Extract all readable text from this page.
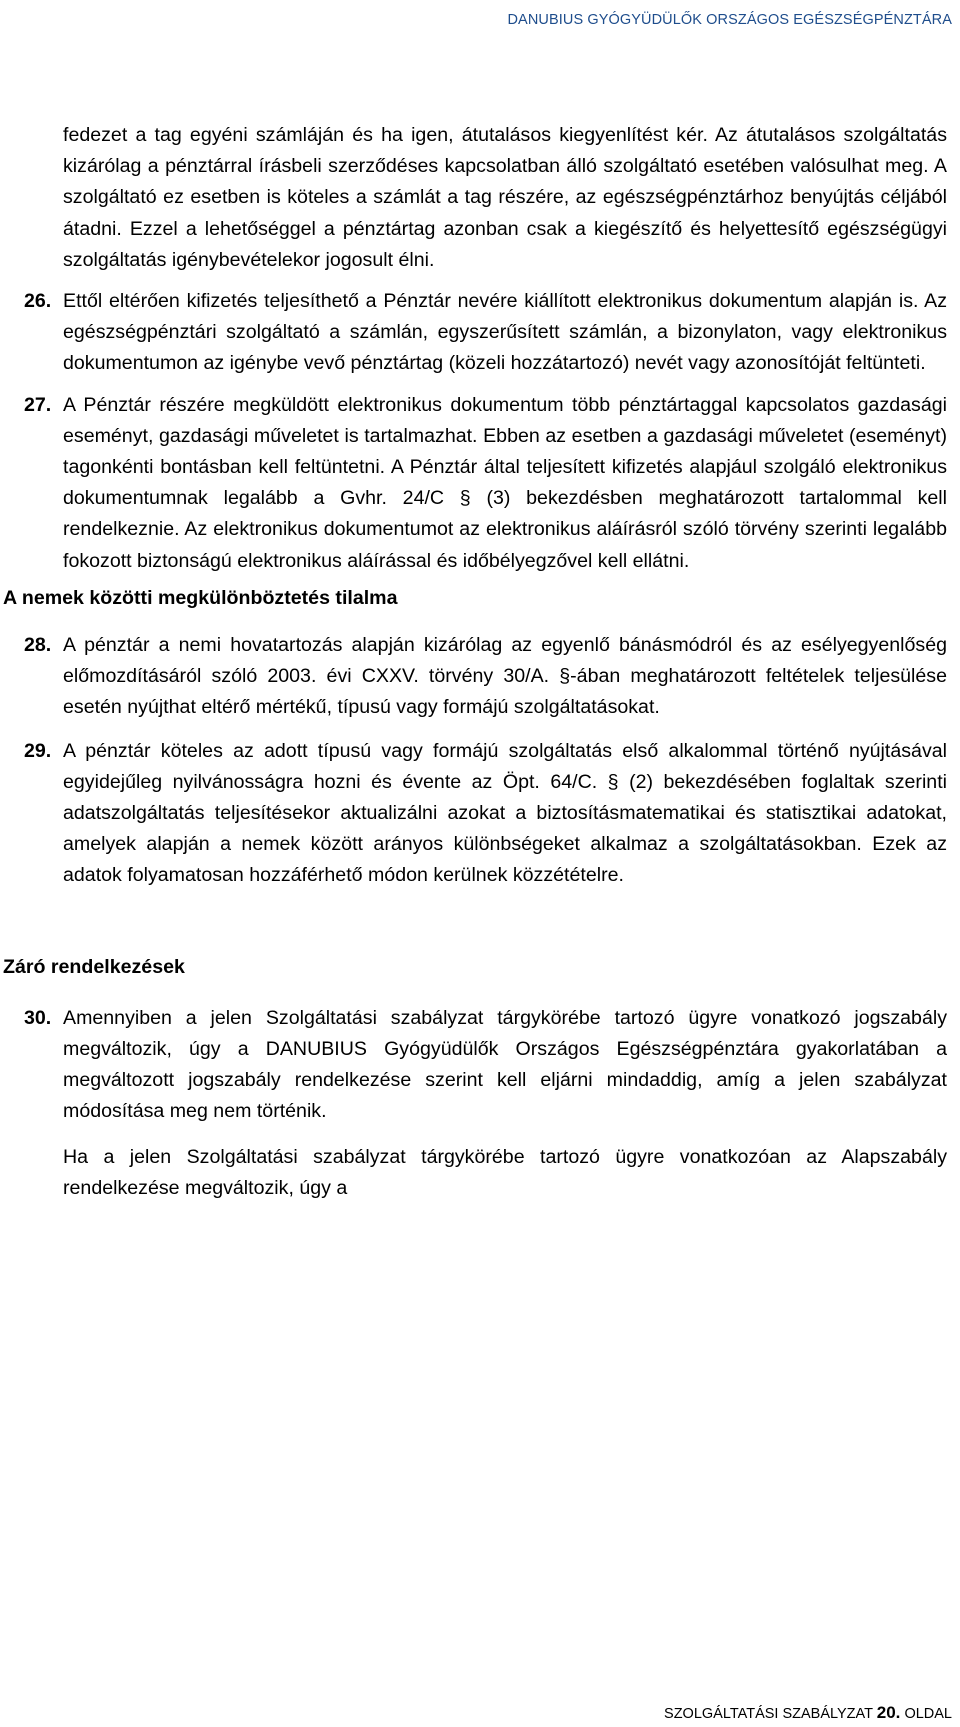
DANUBIUS GYÓGYÜDÜLŐK ORSZÁGOS EGÉSZSÉGPÉNZTÁRA

fedezet a tag egyéni számláján és ha igen, átutalásos kiegyenlítést kér. Az átutalásos szolgáltatás kizárólag a pénztárral írásbeli szerződéses kapcsolatban álló szolgáltató esetében valósulhat meg. A szolgáltató ez esetben is köteles a számlát a tag részére, az egészségpénztárhoz benyújtás céljából átadni. Ezzel a lehetőséggel a pénztártag azonban csak a kiegészítő és helyettesítő egészségügyi szolgáltatás igénybevételekor jogosult élni.

26. Ettől eltérően kifizetés teljesíthető a Pénztár nevére kiállított elektronikus dokumentum alapján is. Az egészségpénztári szolgáltató a számlán, egyszerűsített számlán, a bizonylaton, vagy elektronikus dokumentumon az igénybe vevő pénztártag (közeli hozzátartozó) nevét vagy azonosítóját feltünteti.

27. A Pénztár részére megküldött elektronikus dokumentum több pénztártaggal kapcsolatos gazdasági eseményt, gazdasági műveletet is tartalmazhat. Ebben az esetben a gazdasági műveletet (eseményt) tagonkénti bontásban kell feltüntetni. A Pénztár által teljesített kifizetés alapjául szolgáló elektronikus dokumentumnak legalább a Gvhr. 24/C § (3) bekezdésben meghatározott tartalommal kell rendelkeznie. Az elektronikus dokumentumot az elektronikus aláírásról szóló törvény szerinti legalább fokozott biztonságú elektronikus aláírással és időbélyegzővel kell ellátni.

A nemek közötti megkülönböztetés tilalma
28. A pénztár a nemi hovatartozás alapján kizárólag az egyenlő bánásmódról és az esélyegyenlőség előmozdításáról szóló 2003. évi CXXV. törvény 30/A. §-ában meghatározott feltételek teljesülése esetén nyújthat eltérő mértékű, típusú vagy formájú szolgáltatásokat.

29. A pénztár köteles az adott típusú vagy formájú szolgáltatás első alkalommal történő nyújtásával egyidejűleg nyilvánosságra hozni és évente az Öpt. 64/C. § (2) bekezdésében foglaltak szerinti adatszolgáltatás teljesítésekor aktualizálni azokat a biztosításmatematikai és statisztikai adatokat, amelyek alapján a nemek között arányos különbségeket alkalmaz a szolgáltatásokban. Ezek az adatok folyamatosan hozzáférhető módon kerülnek közzétételre.

Záró rendelkezések
30. Amennyiben a jelen Szolgáltatási szabályzat tárgykörébe tartozó ügyre vonatkozó jogszabály megváltozik, úgy a DANUBIUS Gyógyüdülők Országos Egészségpénztára gyakorlatában a megváltozott jogszabály rendelkezése szerint kell eljárni mindaddig, amíg a jelen szabályzat módosítása meg nem történik.

Ha a jelen Szolgáltatási szabályzat tárgykörébe tartozó ügyre vonatkozóan az Alapszabály rendelkezése megváltozik, úgy a

SZOLGÁLTATÁSI SZABÁLYZAT 20. OLDAL
